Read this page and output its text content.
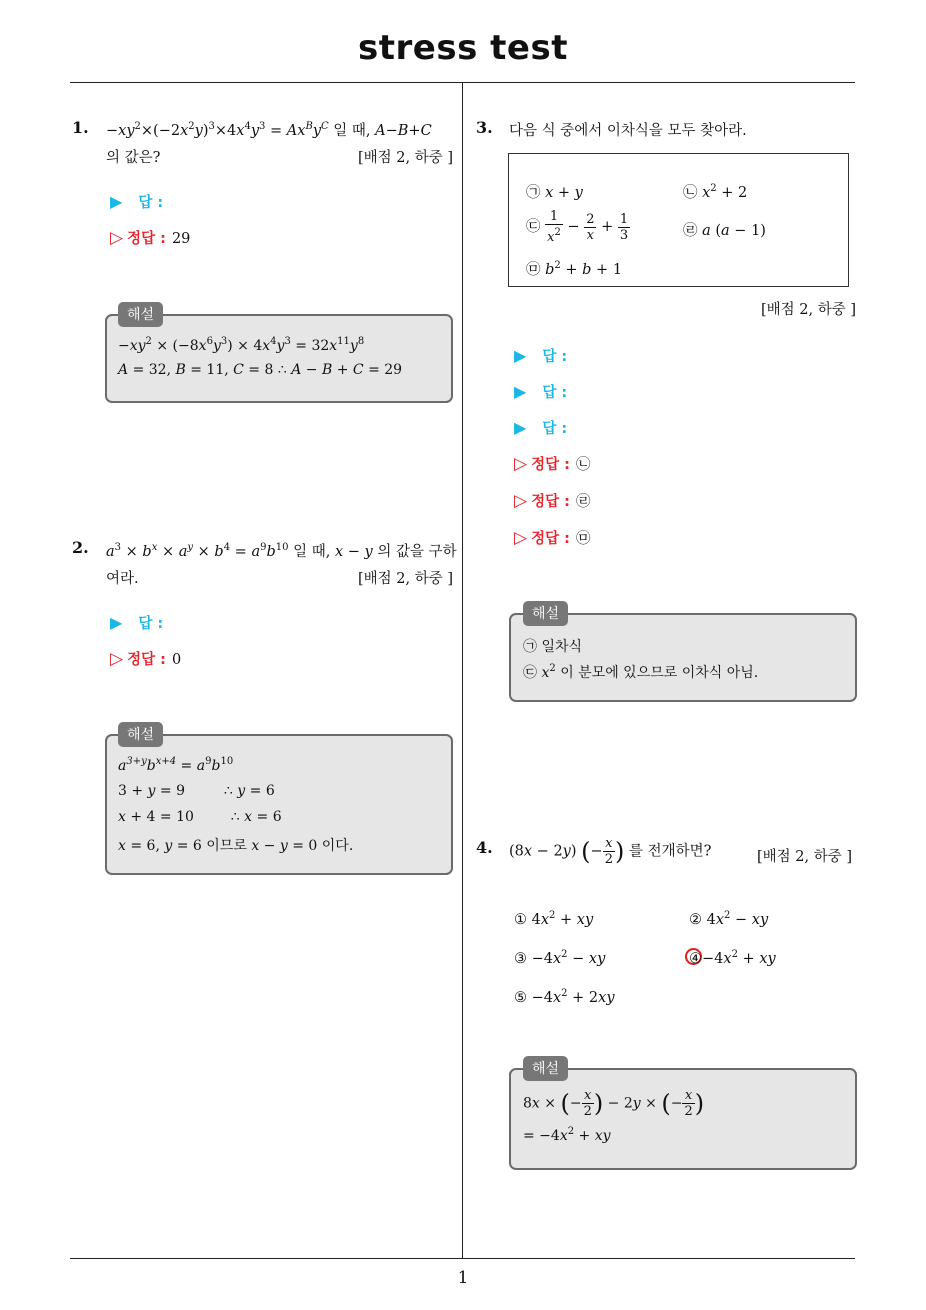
stress test
1
1. $-xy^2\times(-2x^2y)^3\times 4x^4y^3 = Ax^By^C$ 일 때, A−B+C
의 값은?	[배점 2, 하중 ]
▶ 답 :
▷ 정답 : 29
해설
$-xy^2 \times (-8x^6y^3) \times 4x^4y^3 = 32x^{11}y^8$
A = 32, B = 11, C = 8 ∴ A − B + C = 29
2. $a^3 \times b^x \times a^y \times b^4 = a^9b^{10}$ 일 때, x − y 의 값을 구하
여라.	[배점 2, 하중 ]
▶ 답 :
▷ 정답 : 0
해설
$a^{3+y}b^{x+4} = a^9b^{10}$
3 + y = 9  ∴ y = 6
x + 4 = 10  ∴ x = 6
x = 6, y = 6 이므로 x − y = 0 이다.
3. 다음 식 중에서 이차식을 모두 찾아라.
㉠ x + y	㉡ $x^2 + 2$
㉢ $\frac{1}{x^2} - \frac{2}{x} + \frac{1}{3}$	㉣ a (a − 1)
㉤ $b^2 + b + 1$
[배점 2, 하중 ]
▶ 답 :
▶ 답 :
▶ 답 :
▷ 정답 : ㉡
▷ 정답 : ㉣
▷ 정답 : ㉤
해설
㉠ 일차식
㉢ $x^2$ 이 분모에 있으므로 이차식 아님.
4. (8x − 2y) (− $\frac{x}{2}$ ) 를 전개하면?	[배점 2, 하중 ]
① $4x^2$ + xy	② $4x^2$ − xy
③ $-4x^2$ − xy	$④-4x^2$ + xy
⑤ $-4x^2 + 2xy$
해설
8x × (− $\frac{x}{2}$ ) − 2y × (− $\frac{x}{2}$ )
= $-4x^2$ + xy
